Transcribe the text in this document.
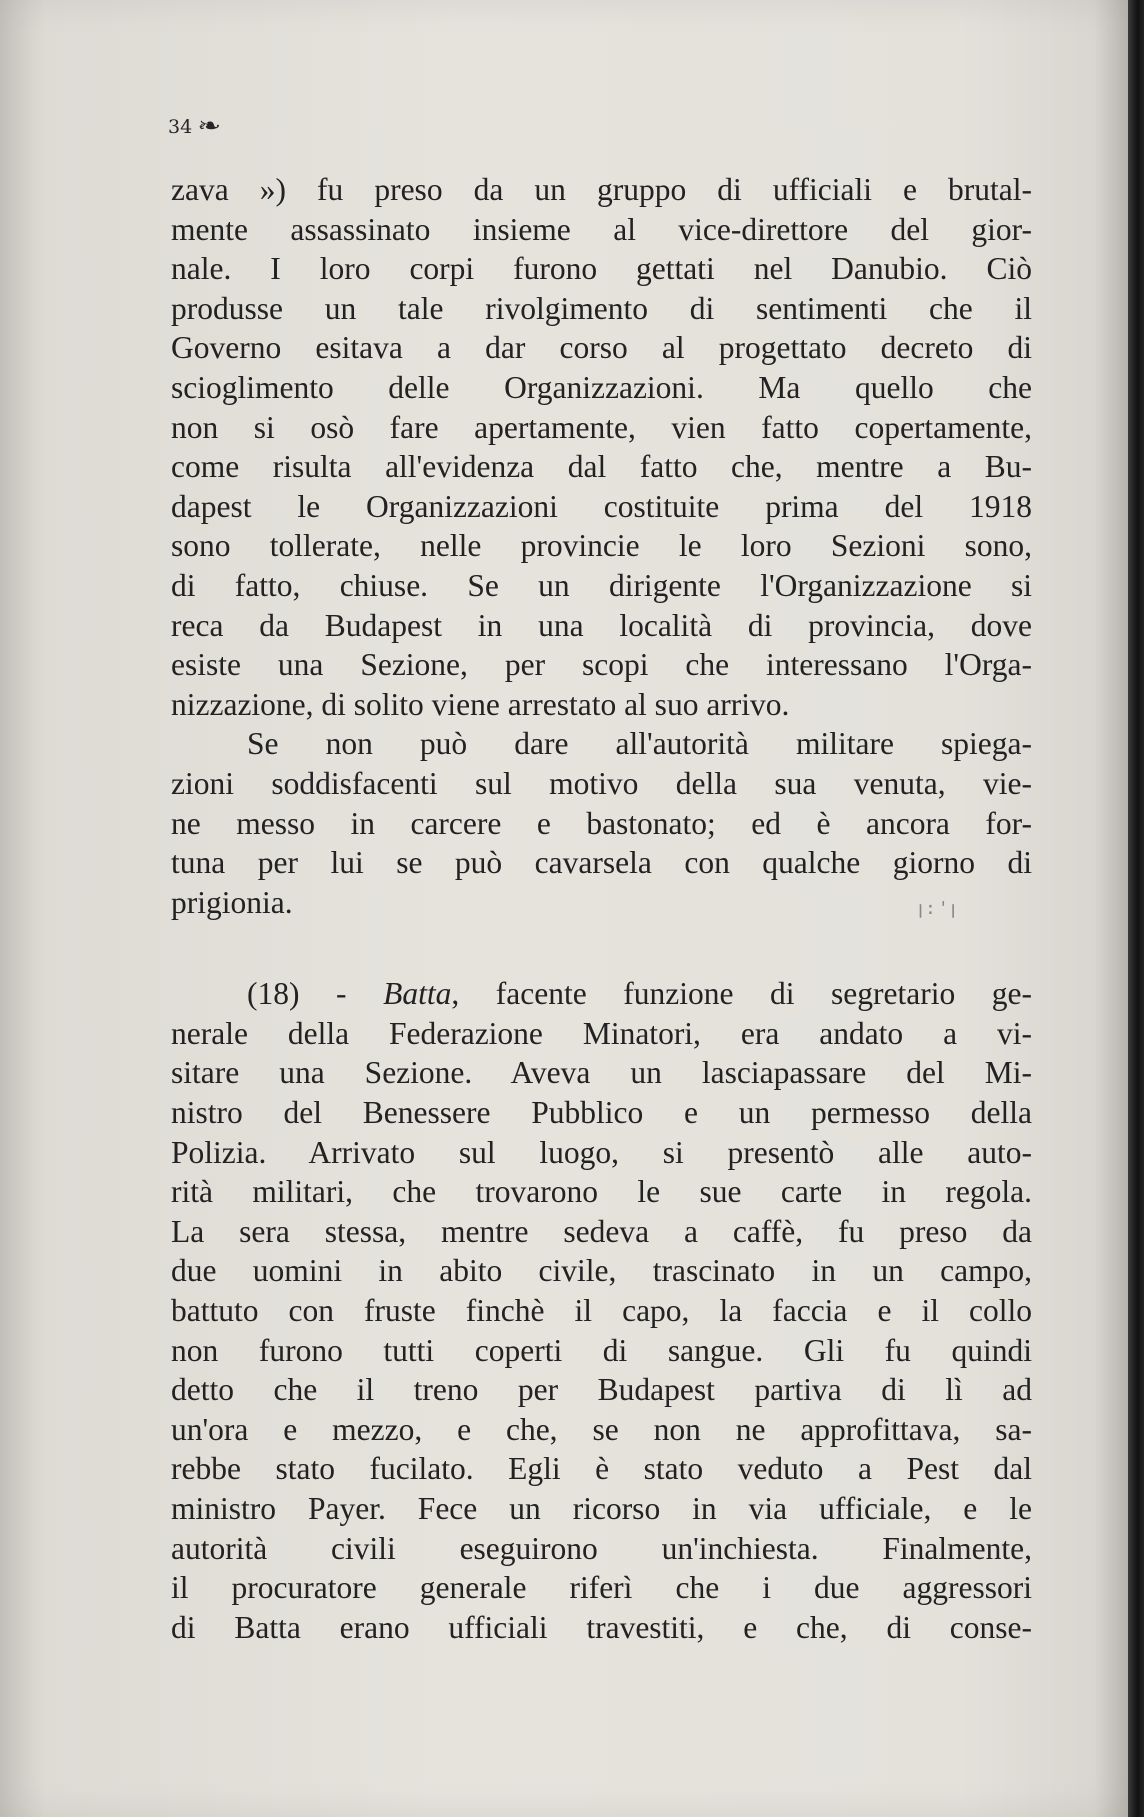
34 ❧
zava ») fu preso da un gruppo di ufficiali e brutal-
mente assassinato insieme al vice-direttore del gior-
nale. I loro corpi furono gettati nel Danubio. Ciò
produsse un tale rivolgimento di sentimenti che il
Governo esitava a dar corso al progettato decreto di
scioglimento delle Organizzazioni. Ma quello che
non si osò fare apertamente, vien fatto copertamente,
come risulta all'evidenza dal fatto che, mentre a Bu-
dapest le Organizzazioni costituite prima del 1918
sono tollerate, nelle provincie le loro Sezioni sono,
di fatto, chiuse. Se un dirigente l'Organizzazione si
reca da Budapest in una località di provincia, dove
esiste una Sezione, per scopi che interessano l'Orga-
nizzazione, di solito viene arrestato al suo arrivo.
Se non può dare all'autorità militare spiega-
zioni soddisfacenti sul motivo della sua venuta, vie-
ne messo in carcere e bastonato; ed è ancora for-
tuna per lui se può cavarsela con qualche giorno di
prigionia.
(18) - Batta, facente funzione di segretario ge-
nerale della Federazione Minatori, era andato a vi-
sitare una Sezione. Aveva un lasciapassare del Mi-
nistro del Benessere Pubblico e un permesso della
Polizia. Arrivato sul luogo, si presentò alle auto-
rità militari, che trovarono le sue carte in regola.
La sera stessa, mentre sedeva a caffè, fu preso da
due uomini in abito civile, trascinato in un campo,
battuto con fruste finchè il capo, la faccia e il collo
non furono tutti coperti di sangue. Gli fu quindi
detto che il treno per Budapest partiva di lì ad
un'ora e mezzo, e che, se non ne approfittava, sa-
rebbe stato fucilato. Egli è stato veduto a Pest dal
ministro Payer. Fece un ricorso in via ufficiale, e le
autorità civili eseguirono un'inchiesta. Finalmente,
il procuratore generale riferì che i due aggressori
di Batta erano ufficiali travestiti, e che, di conse-
ꞁ:'ꞁ
